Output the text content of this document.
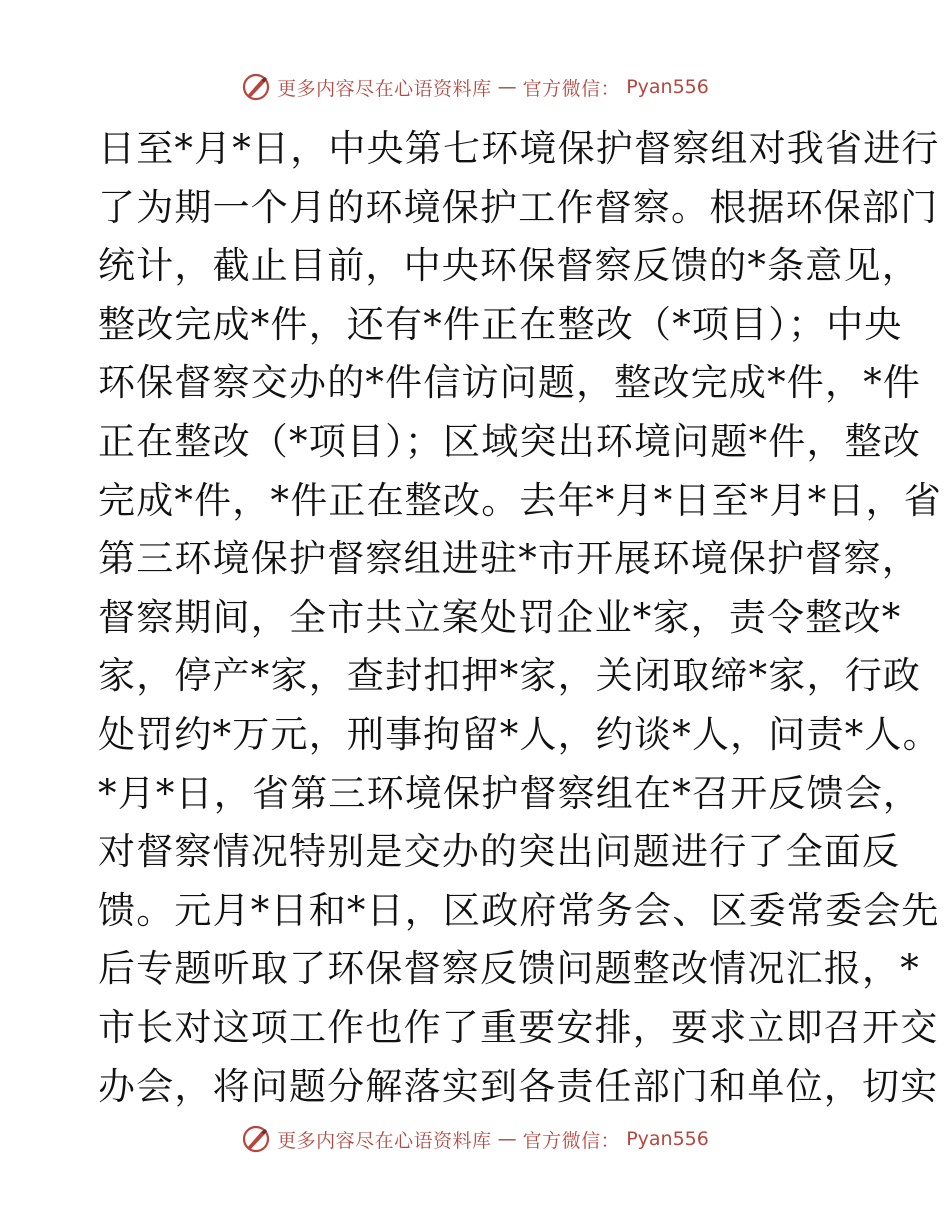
更多内容尽在心语资料库 — 官方微信： Pyan556
日至*月*日，中央第七环境保护督察组对我省进行
了为期一个月的环境保护工作督察。根据环保部门
统计，截止目前，中央环保督察反馈的*条意见，
整改完成*件，还有*件正在整改（*项目）；中央
环保督察交办的*件信访问题，整改完成*件，*件
正在整改（*项目）；区域突出环境问题*件，整改
完成*件，*件正在整改。去年*月*日至*月*日，省
第三环境保护督察组进驻*市开展环境保护督察，
督察期间，全市共立案处罚企业*家，责令整改*
家，停产*家，查封扣押*家，关闭取缔*家，行政
处罚约*万元，刑事拘留*人，约谈*人，问责*人。
*月*日，省第三环境保护督察组在*召开反馈会，
对督察情况特别是交办的突出问题进行了全面反
馈。元月*日和*日，区政府常务会、区委常委会先
后专题听取了环保督察反馈问题整改情况汇报，*
市长对这项工作也作了重要安排，要求立即召开交
办会，将问题分解落实到各责任部门和单位，切实
更多内容尽在心语资料库 — 官方微信： Pyan556
